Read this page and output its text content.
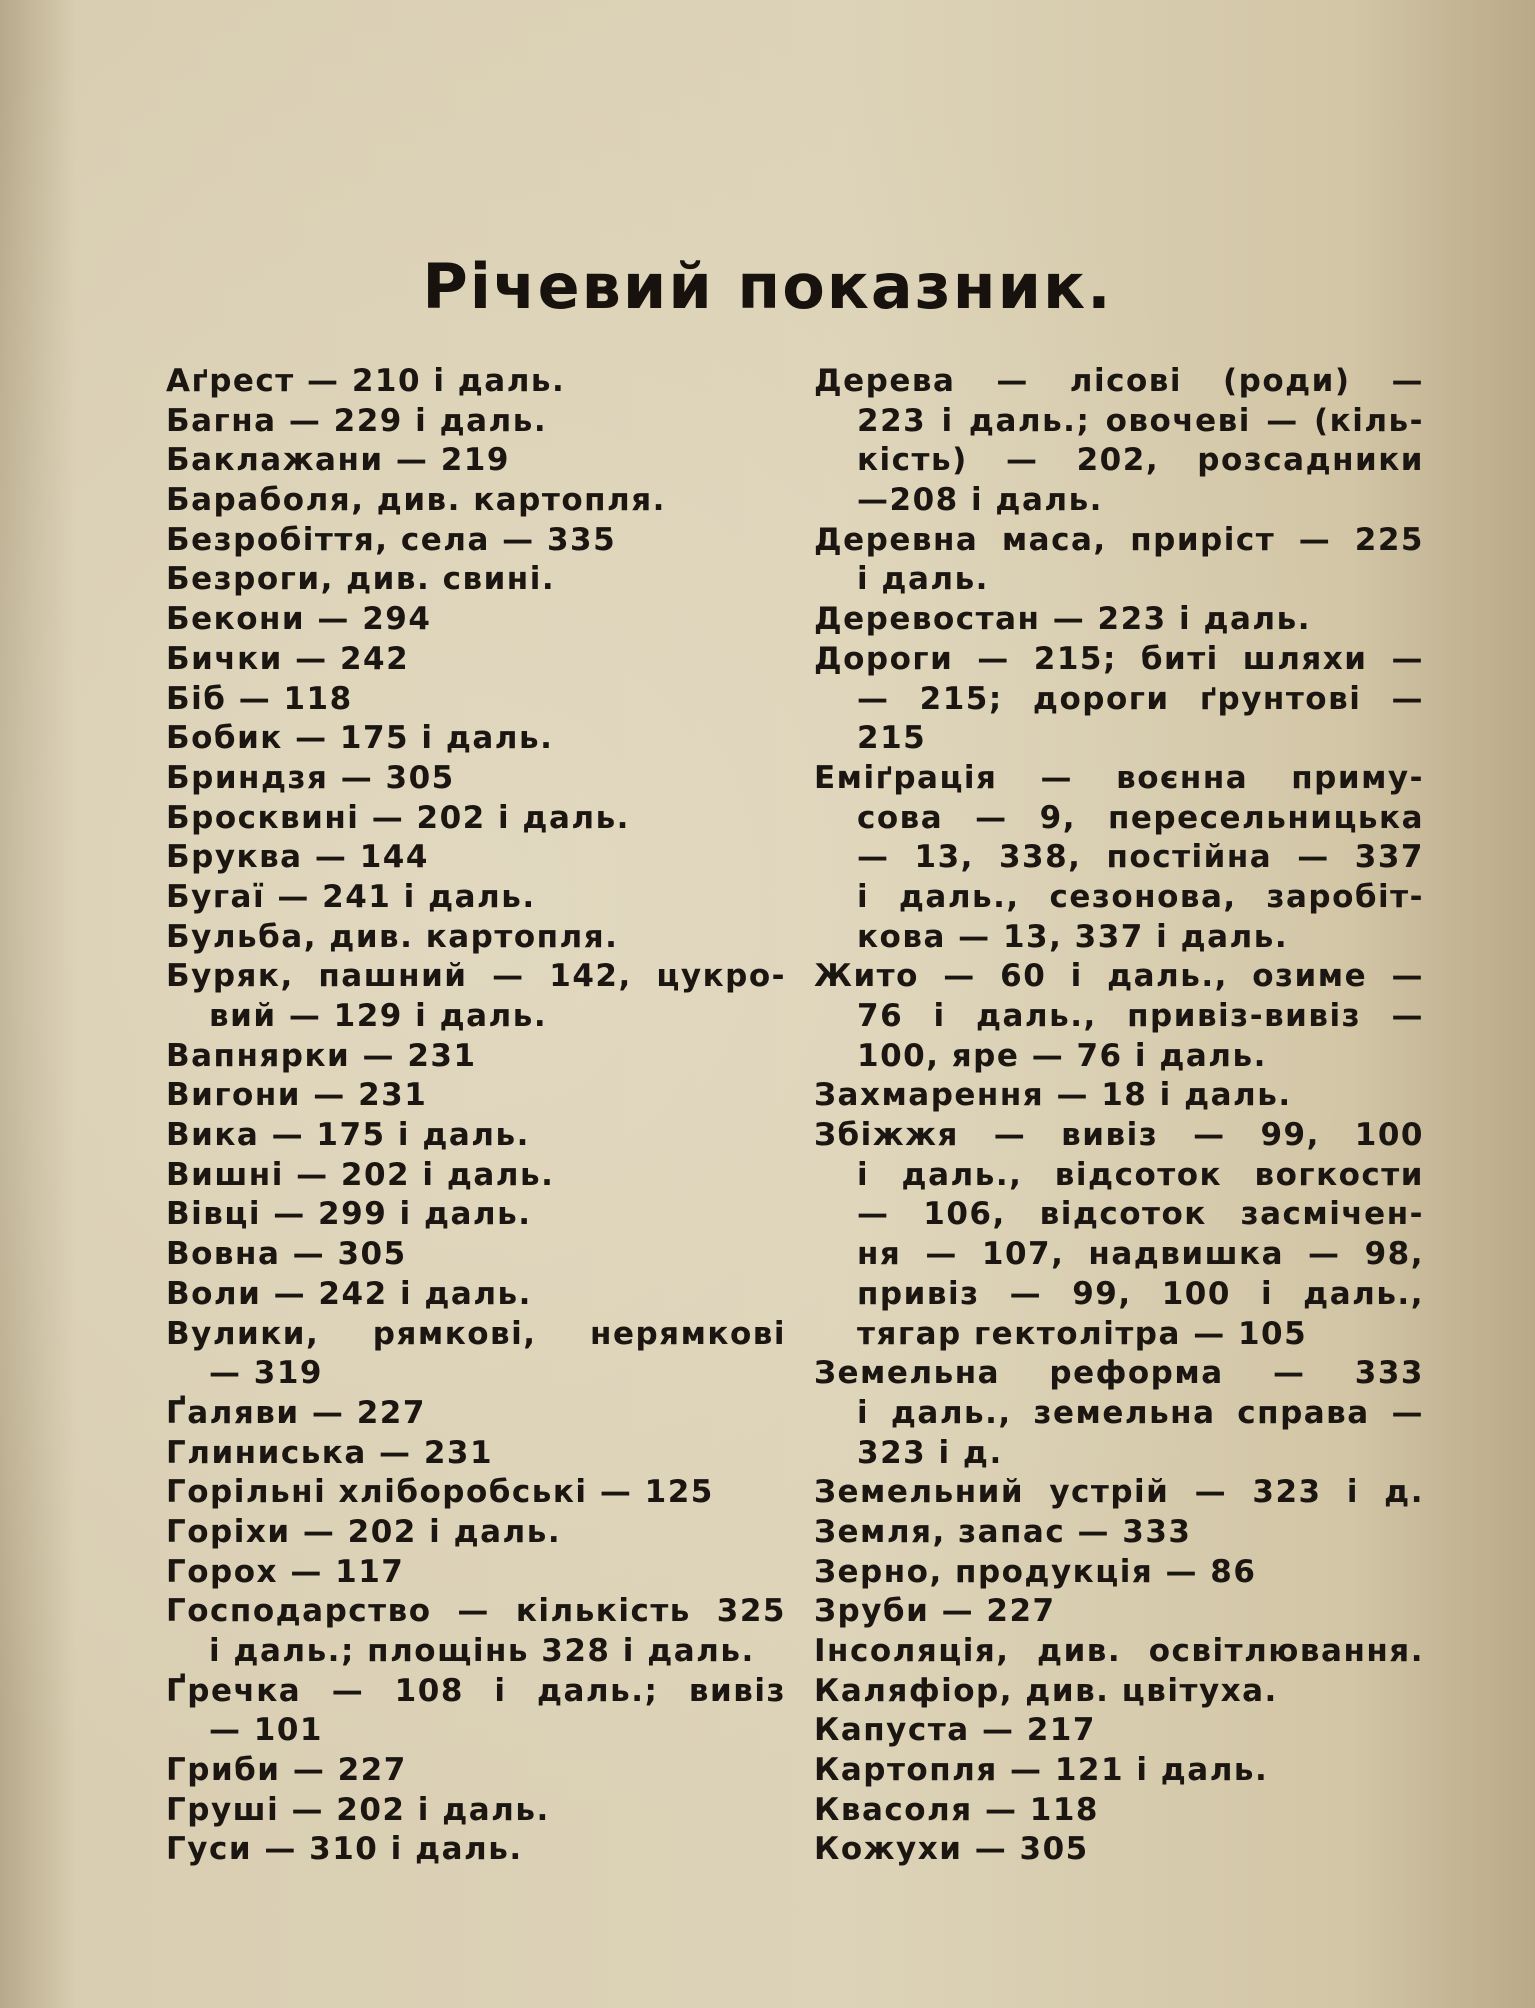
Річевий показник.
Аґрест — 210 і даль.
Багна — 229 і даль.
Баклажани — 219
Бараболя, див. картопля.
Безробіття, села — 335
Безроги, див. свині.
Бекони — 294
Бички — 242
Біб — 118
Бобик — 175 і даль.
Бриндзя — 305
Бросквині — 202 і даль.
Бруква — 144
Бугаї — 241 і даль.
Бульба, див. картопля.
Буряк, пашний — 142, цукро-
вий — 129 і даль.
Вапнярки — 231
Вигони — 231
Вика — 175 і даль.
Вишні — 202 і даль.
Вівці — 299 і даль.
Вовна — 305
Воли — 242 і даль.
Вулики, рямкові, нерямкові
— 319
Ґаляви — 227
Глиниська — 231
Горільні хліборобські — 125
Горіхи — 202 і даль.
Горох — 117
Господарство — кількість 325
і даль.; площінь 328 і даль.
Ґречка — 108 і даль.; вивіз
— 101
Гриби — 227
Груші — 202 і даль.
Гуси — 310 і даль.
Дерева — лісові (роди) —
223 і даль.; овочеві — (кіль-
кість) — 202, розсадники
—208 і даль.
Деревна маса, приріст — 225
і даль.
Деревостан — 223 і даль.
Дороги — 215; биті шляхи —
— 215; дороги ґрунтові —
215
Еміґрація — воєнна приму-
сова — 9, пересельницька
— 13, 338, постійна — 337
і даль., сезонова, заробіт-
кова — 13, 337 і даль.
Жито — 60 і даль., озиме —
76 і даль., привіз-вивіз —
100, яре — 76 і даль.
Захмарення — 18 і даль.
Збіжжя — вивіз — 99, 100
і даль., відсоток вогкости
— 106, відсоток засмічен-
ня — 107, надвишка — 98,
привіз — 99, 100 і даль.,
тягар гектолітра — 105
Земельна реформа — 333
і даль., земельна справа —
323 і д.
Земельний устрій — 323 і д.
Земля, запас — 333
Зерно, продукція — 86
Зруби — 227
Інсоляція, див. освітлювання.
Каляфіор, див. цвітуха.
Капуста — 217
Картопля — 121 і даль.
Квасоля — 118
Кожухи — 305
